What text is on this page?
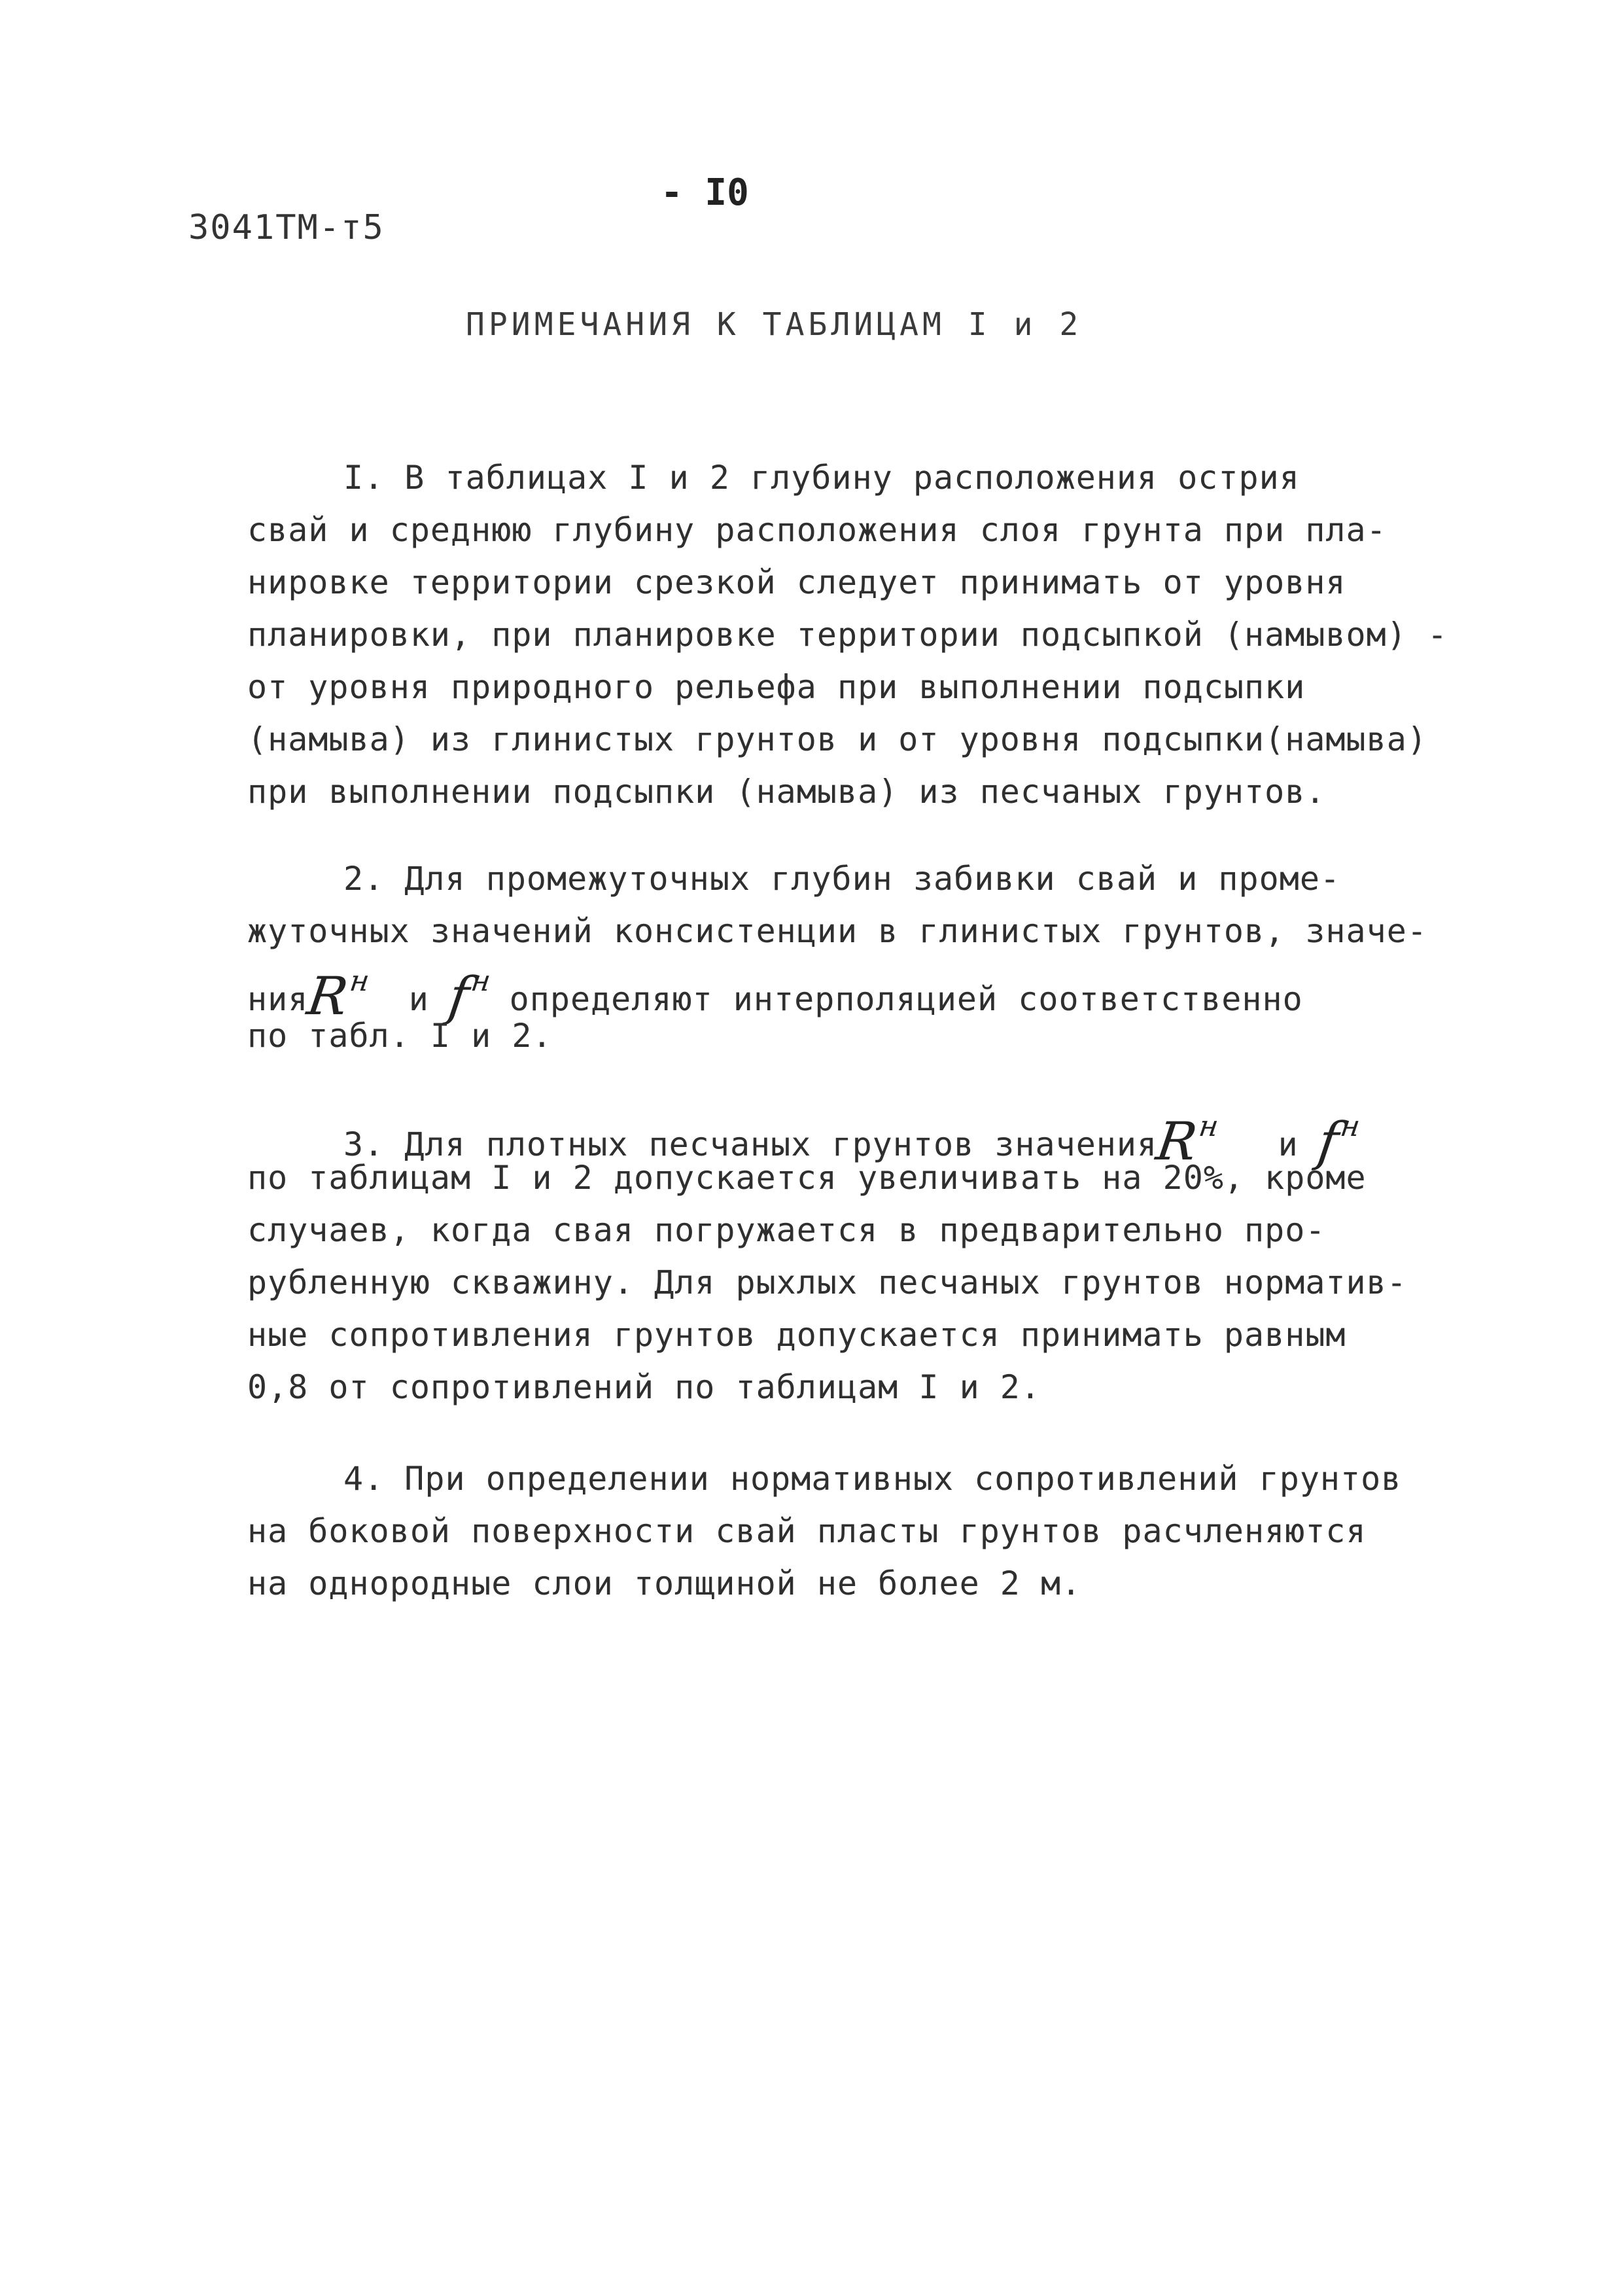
3041ТМ-т5
- I0
ПРИМЕЧАНИЯ К ТАБЛИЦАМ I и 2
I. В таблицах I и 2 глубину расположения острия
свай и среднюю глубину расположения слоя грунта при пла-
нировке территории срезкой следует принимать от уровня
планировки, при планировке территории подсыпкой (намывом) -
от уровня природного рельефа при выполнении подсыпки
(намыва) из глинистых грунтов и от уровня подсыпки(намыва)
при выполнении подсыпки (намыва) из песчаных грунтов.
2. Для промежуточных глубин забивки свай и проме-
жуточных значений консистенции в глинистых грунтов, значе-
нияR$^н$ и $f^н$ определяют интерполяцией соответственно
по табл. I и 2.
3. Для плотных песчаных грунтов значенияR$^н$ и $f^н$
по таблицам I и 2 допускается увеличивать на 20%, кроме
случаев, когда свая погружается в предварительно про-
рубленную скважину. Для рыхлых песчаных грунтов норматив-
ные сопротивления грунтов допускается принимать равным
0,8 от сопротивлений по таблицам I и 2.
4. При определении нормативных сопротивлений грунтов
на боковой поверхности свай пласты грунтов расчленяются
на однородные слои толщиной не более 2 м.
